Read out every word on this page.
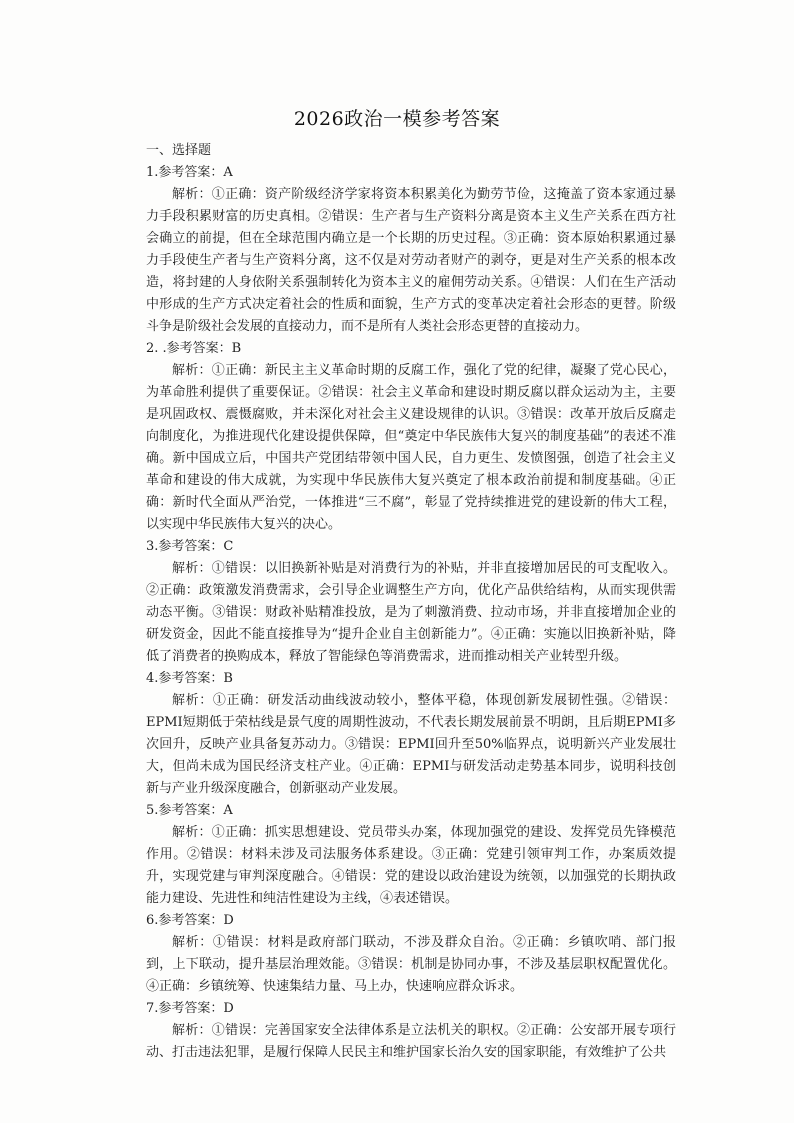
2026政治一模参考答案

一、选择题

1.参考答案：A

解析：①正确：资产阶级经济学家将资本积累美化为勤劳节俭，这掩盖了资本家通过暴力手段积累财富的历史真相。②错误：生产者与生产资料分离是资本主义生产关系在西方社会确立的前提，但在全球范围内确立是一个长期的历史过程。③正确：资本原始积累通过暴力手段使生产者与生产资料分离，这不仅是对劳动者财产的剥夺，更是对生产关系的根本改造，将封建的人身依附关系强制转化为资本主义的雇佣劳动关系。④错误：人们在生产活动中形成的生产方式决定着社会的性质和面貌，生产方式的变革决定着社会形态的更替。阶级斗争是阶级社会发展的直接动力，而不是所有人类社会形态更替的直接动力。

2. .参考答案：B

解析：①正确：新民主主义革命时期的反腐工作，强化了党的纪律，凝聚了党心民心，为革命胜利提供了重要保证。②错误：社会主义革命和建设时期反腐以群众运动为主，主要是巩固政权、震慑腐败，并未深化对社会主义建设规律的认识。③错误：改革开放后反腐走向制度化，为推进现代化建设提供保障，但“奠定中华民族伟大复兴的制度基础”的表述不准确。新中国成立后，中国共产党团结带领中国人民，自力更生、发愤图强，创造了社会主义革命和建设的伟大成就，为实现中华民族伟大复兴奠定了根本政治前提和制度基础。④正确：新时代全面从严治党，一体推进“三不腐”，彰显了党持续推进党的建设新的伟大工程，以实现中华民族伟大复兴的决心。

3.参考答案：C

解析：①错误：以旧换新补贴是对消费行为的补贴，并非直接增加居民的可支配收入。②正确：政策激发消费需求，会引导企业调整生产方向，优化产品供给结构，从而实现供需动态平衡。③错误：财政补贴精准投放，是为了刺激消费、拉动市场，并非直接增加企业的研发资金，因此不能直接推导为“提升企业自主创新能力”。④正确：实施以旧换新补贴，降低了消费者的换购成本，释放了智能绿色等消费需求，进而推动相关产业转型升级。

4.参考答案：B

解析：①正确：研发活动曲线波动较小，整体平稳，体现创新发展韧性强。②错误：EPMI短期低于荣枯线是景气度的周期性波动，不代表长期发展前景不明朗，且后期EPMI多次回升，反映产业具备复苏动力。③错误：EPMI回升至50%临界点，说明新兴产业发展壮大，但尚未成为国民经济支柱产业。④正确：EPMI与研发活动走势基本同步，说明科技创新与产业升级深度融合，创新驱动产业发展。

5.参考答案：A

解析：①正确：抓实思想建设、党员带头办案，体现加强党的建设、发挥党员先锋模范作用。②错误：材料未涉及司法服务体系建设。③正确：党建引领审判工作，办案质效提升，实现党建与审判深度融合。④错误：党的建设以政治建设为统领，以加强党的长期执政能力建设、先进性和纯洁性建设为主线，④表述错误。

6.参考答案：D

解析：①错误：材料是政府部门联动，不涉及群众自治。②正确：乡镇吹哨、部门报到，上下联动，提升基层治理效能。③错误：机制是协同办事，不涉及基层职权配置优化。④正确：乡镇统筹、快速集结力量、马上办，快速响应群众诉求。

7.参考答案：D

解析：①错误：完善国家安全法律体系是立法机关的职权。②正确：公安部开展专项行动、打击违法犯罪，是履行保障人民民主和维护国家长治久安的国家职能，有效维护了公共
